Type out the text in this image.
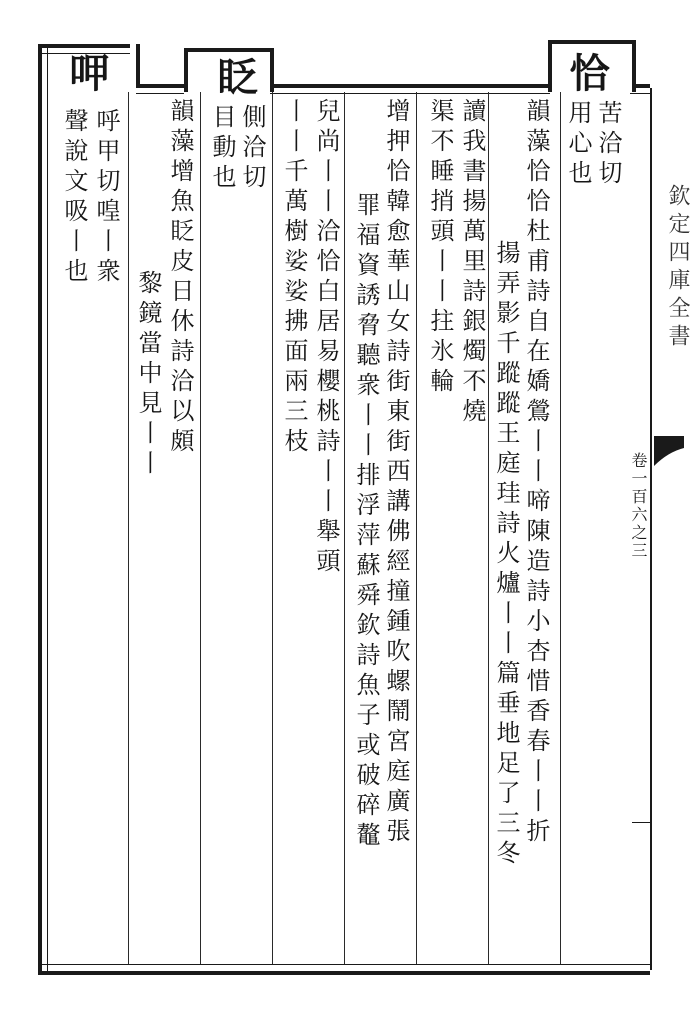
欽定四庫全書
卷一百六之三
恰
苦洽切
用心也
韻藻恰恰杜甫詩自在嬌鶯丨丨啼陳造詩小杏惜香春丨丨折
揚弄影千蹤蹤王庭珪詩火爐丨丨篇垂地足了三冬
讀我書揚萬里詩銀燭不燒
渠不睡捎頭丨丨拄氷輪
增押恰韓愈華山女詩街東街西講佛經撞鍾吹螺鬧宮庭廣張
罪福資誘脅聽衆丨丨排浮萍蘇舜欽詩魚子或破碎鼇
兒尚丨丨洽恰白居易櫻桃詩丨丨舉頭
丨丨千萬樹娑娑拂面兩三枝
眨
側洽切
目動也
韻藻增魚眨皮日休詩洽以頗
黎鏡當中見丨丨
呷
呼甲切喤丨衆
聲說文吸丨也
